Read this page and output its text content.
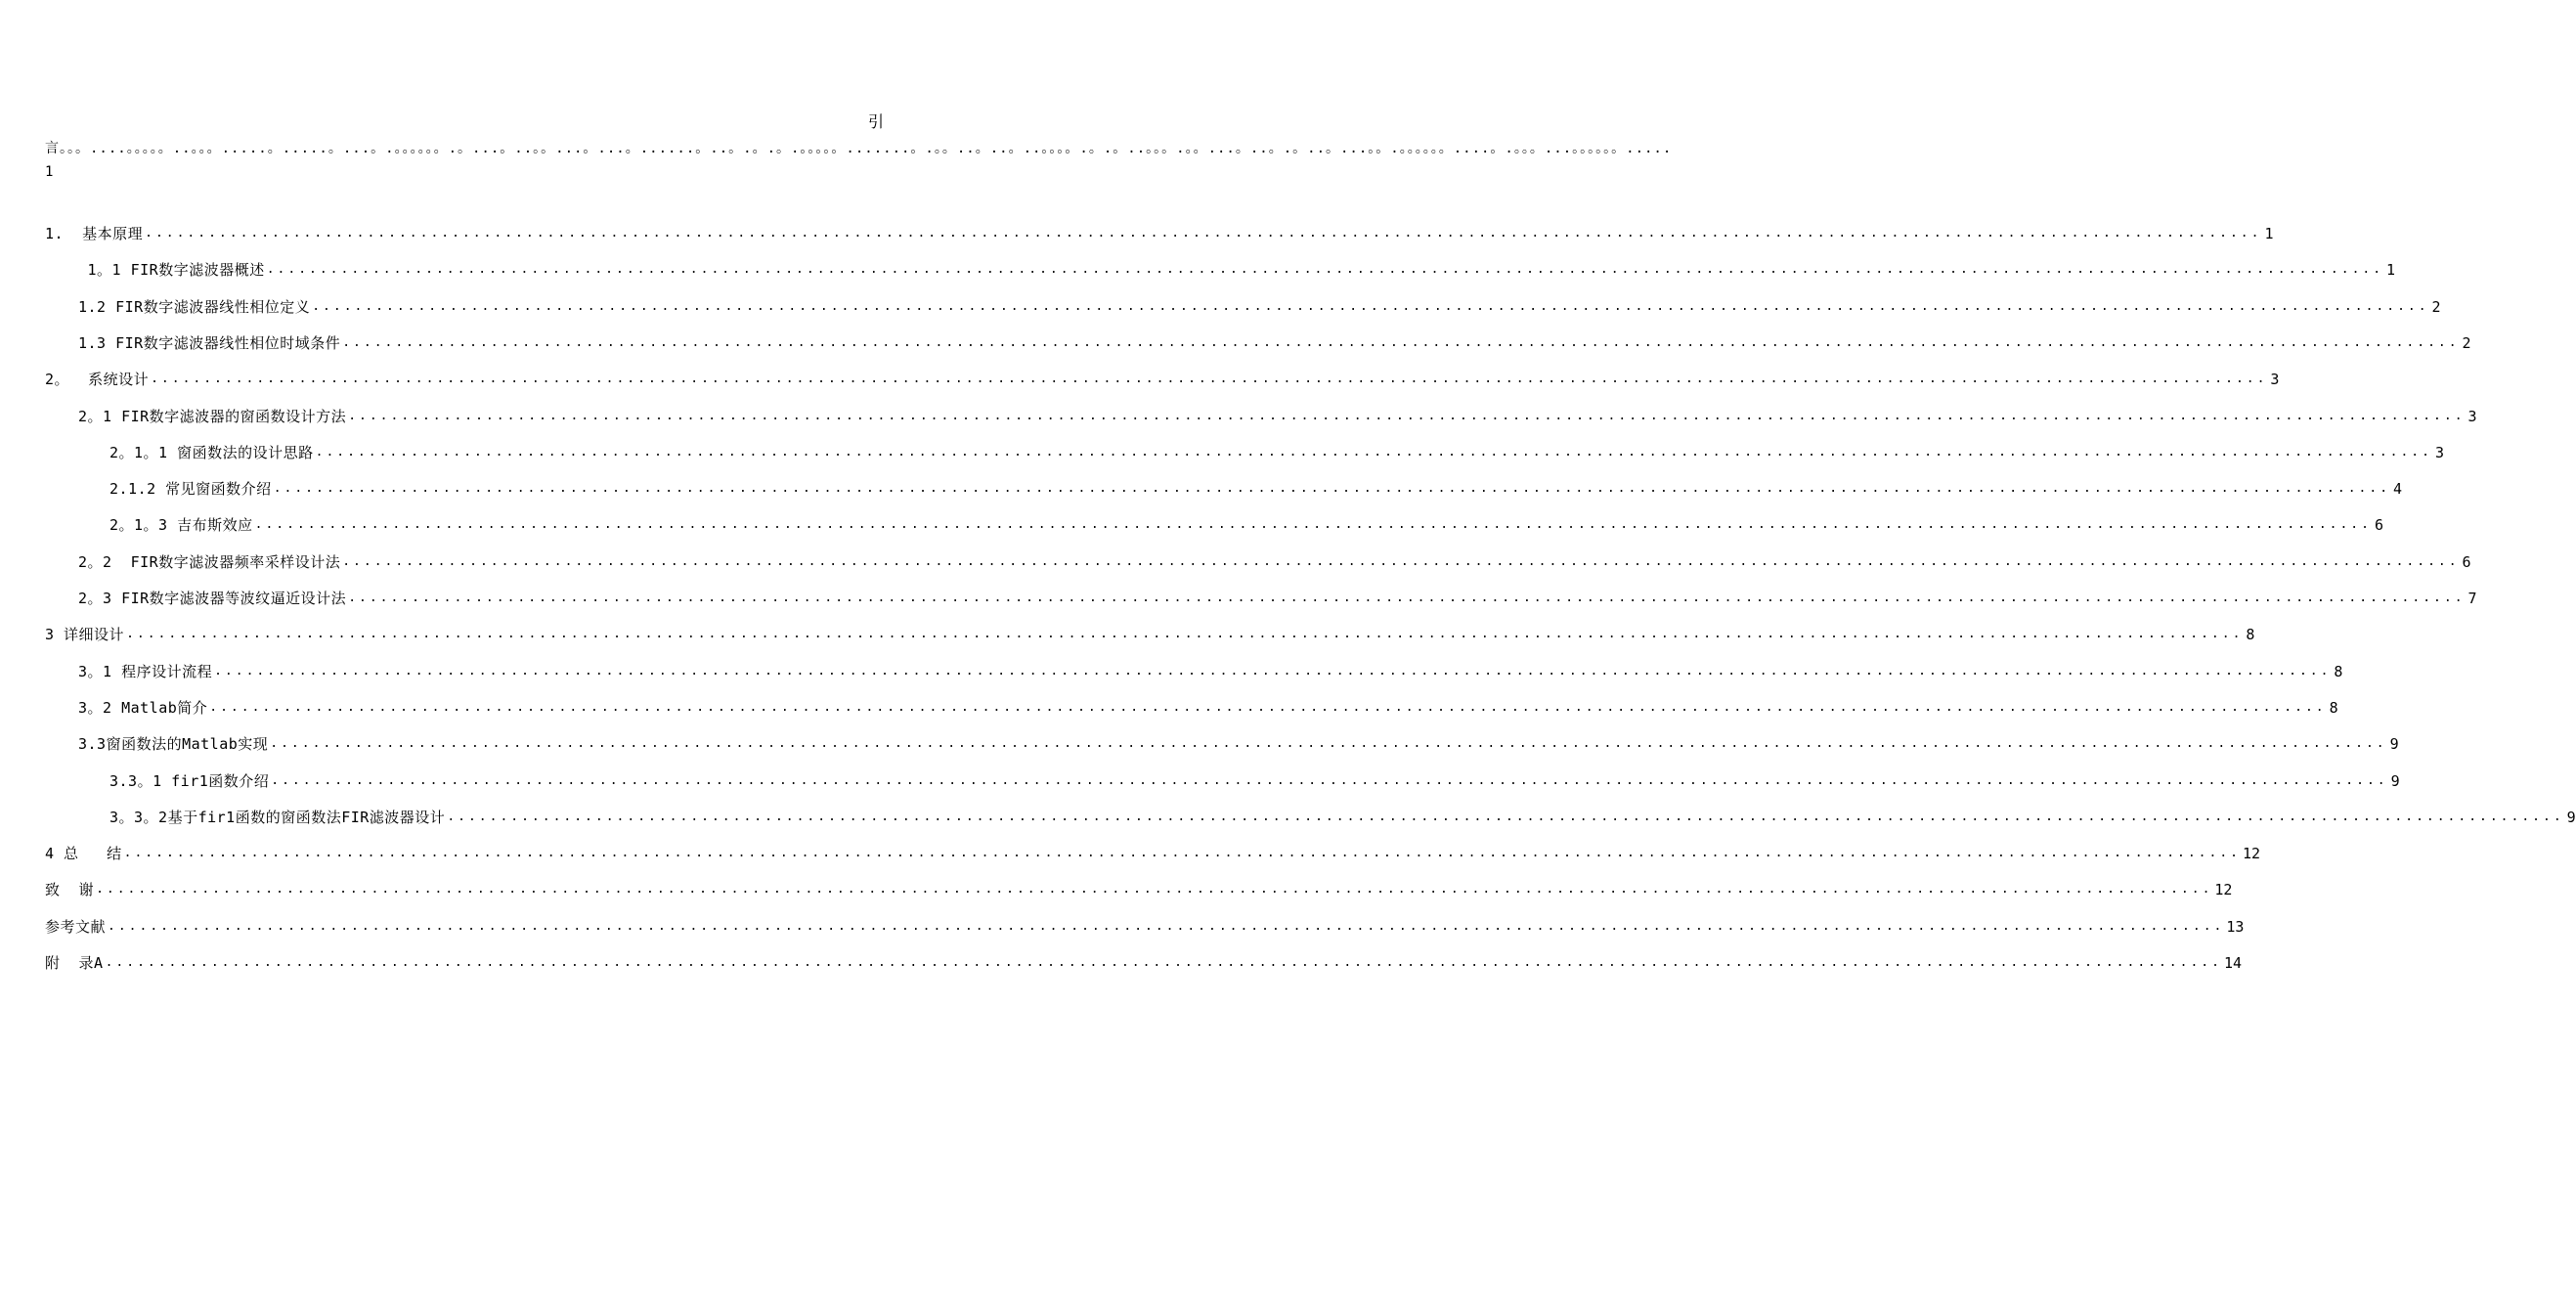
引
言。。。....。。。。。..。。。.....。.....。...。.。。。。。。.。...。..。。...。...。......。..。.。.。.。。。。。.......。.。。..。..。..。。。。.。.。..。。。.。。...。..。.。..。...。。.。。。。。。....。.。。。...。。。。。。.....1
1.  基本原理 ........................................................................................................................................................................................................ 1
1。1 FIR数字滤波器概述 ........................................................................................................................................................................................................ 1
1.2 FIR数字滤波器线性相位定义 ........................................................................................................................................................................................................ 2
1.3 FIR数字滤波器线性相位时域条件 ........................................................................................................................................................................................................ 2
2。  系统设计 ........................................................................................................................................................................................................ 3
2。1 FIR数字滤波器的窗函数设计方法 ........................................................................................................................................................................................................ 3
2。1。1 窗函数法的设计思路 ........................................................................................................................................................................................................ 3
2.1.2 常见窗函数介绍 ........................................................................................................................................................................................................ 4
2。1。3 吉布斯效应 ........................................................................................................................................................................................................ 6
2。2  FIR数字滤波器频率采样设计法 ........................................................................................................................................................................................................ 6
2。3 FIR数字滤波器等波纹逼近设计法 ........................................................................................................................................................................................................ 7
3 详细设计 ........................................................................................................................................................................................................ 8
3。1 程序设计流程 ........................................................................................................................................................................................................ 8
3。2 Matlab简介 ........................................................................................................................................................................................................ 8
3.3窗函数法的Matlab实现 ........................................................................................................................................................................................................ 9
3.3。1 fir1函数介绍 ........................................................................................................................................................................................................ 9
3。3。2基于fir1函数的窗函数法FIR滤波器设计 ........................................................................................................................................................................................................ 9
4 总   结 ........................................................................................................................................................................................................ 12
致  谢 ........................................................................................................................................................................................................ 12
参考文献 ........................................................................................................................................................................................................ 13
附  录A ........................................................................................................................................................................................................ 14
